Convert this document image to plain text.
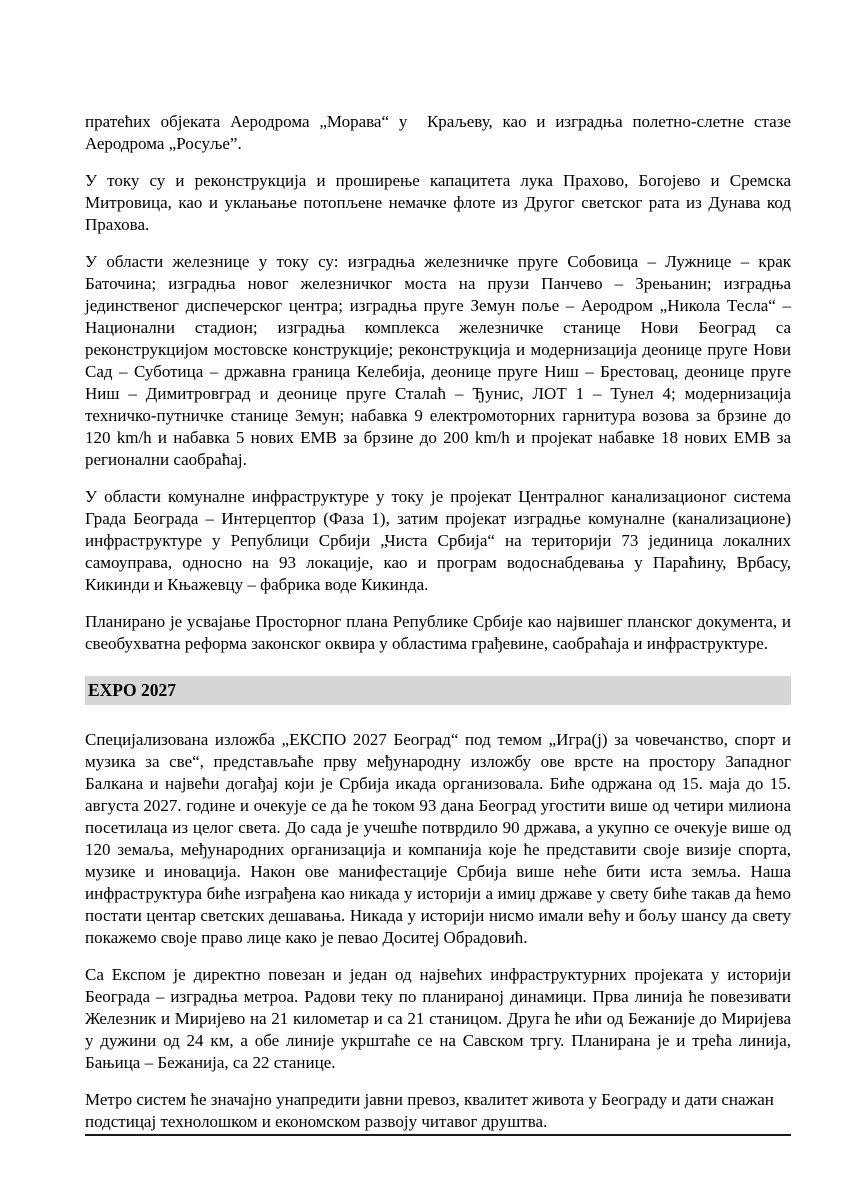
пратећих објеката Аеродрома „Морава“ у  Краљеву, као и изградња полетно-слетне стазе Аеродрома „Росуље”.

У току су и реконструкција и проширење капацитета лука Прахово, Богојево и Сремска Митровица, као и уклањање потопљене немачке флоте из Другог светског рата из Дунава код Прахова.

У области железнице у току су: изградња железничке пруге Собовица – Лужнице – крак Баточина; изградња новог железничког моста на прузи Панчево – Зрењанин; изградња јединственог диспечерског центра; изградња пруге Земун поље – Аеродром „Никола Тесла“ – Национални стадион; изградња комплекса железничке станице Нови Београд са реконструкцијом мостовске конструкције; реконструкција и модернизација деонице пруге Нови Сад – Суботица – државна граница Келебија, деонице пруге Ниш – Брестовац, деонице пруге Ниш – Димитровград и деонице пруге Сталаћ – Ђунис, ЛОТ 1 – Тунел 4; модернизација техничко-путничке станице Земун; набавка 9 електромоторних гарнитура возова за брзине до 120 km/h и набавка 5 нових ЕМВ за брзине до 200 km/h и пројекат набавке 18 нових ЕМВ за регионални саобраћај.

У области комуналне инфраструктуре у току је пројекат Централног канализационог система Града Београда – Интерцептор (Фаза 1), затим пројекат изградње комуналне (канализационе) инфраструктуре у Републици Србији „Чиста Србија“ на територији 73 јединица локалних самоуправа, односно на 93 локације, као и програм водоснабдевања у Параћину, Врбасу, Кикинди и Књажевцу – фабрика воде Кикинда.

Планирано је усвајање Просторног плана Републике Србије као највишег планског документа, и свеобухватна реформа законског оквира у областима грађевине, саобраћаја и инфраструктуре.

EXPO 2027

Специјализована изложба „ЕКСПО 2027 Београд“ под темом „Игра(ј) за човечанство, спорт и музика за све“, представљаће прву међународну изложбу ове врсте на простору Западног Балкана и највећи догађај који је Србија икада организовала. Биће одржана од 15. маја до 15. августа 2027. године и очекује се да ће током 93 дана Београд угостити више од четири милиона посетилаца из целог света. До сада је учешће потврдило 90 држава, а укупно се очекује више од 120 земаља, међународних организација и компанија које ће представити своје визије спорта, музике и иновација. Након ове манифестације Србија више неће бити иста земља. Наша инфраструктура биће изграђена као никада у историји а имиџ државе у свету биће такав да ћемо постати центар светских дешавања. Никада у историји нисмо имали већу и бољу шансу да свету покажемо своје право лице како је певао Доситеј Обрадовић.

Са Експом је директно повезан и један од највећих инфраструктурних пројеката у историји Београда – изградња метроа. Радови теку по планираној динамици. Прва линија ће повезивати Железник и Миријево на 21 километар и са 21 станицом. Друга ће ићи од Бежаније до Миријева у дужини од 24 км, а обе линије укрштаће се на Савском тргу. Планирана је и трећа линија, Бањица – Бежанија, са 22 станице.

Метро систем ће значајно унапредити јавни превоз, квалитет живота у Београду и дати снажан подстицај технолошком и економском развоју читавог друштва.
